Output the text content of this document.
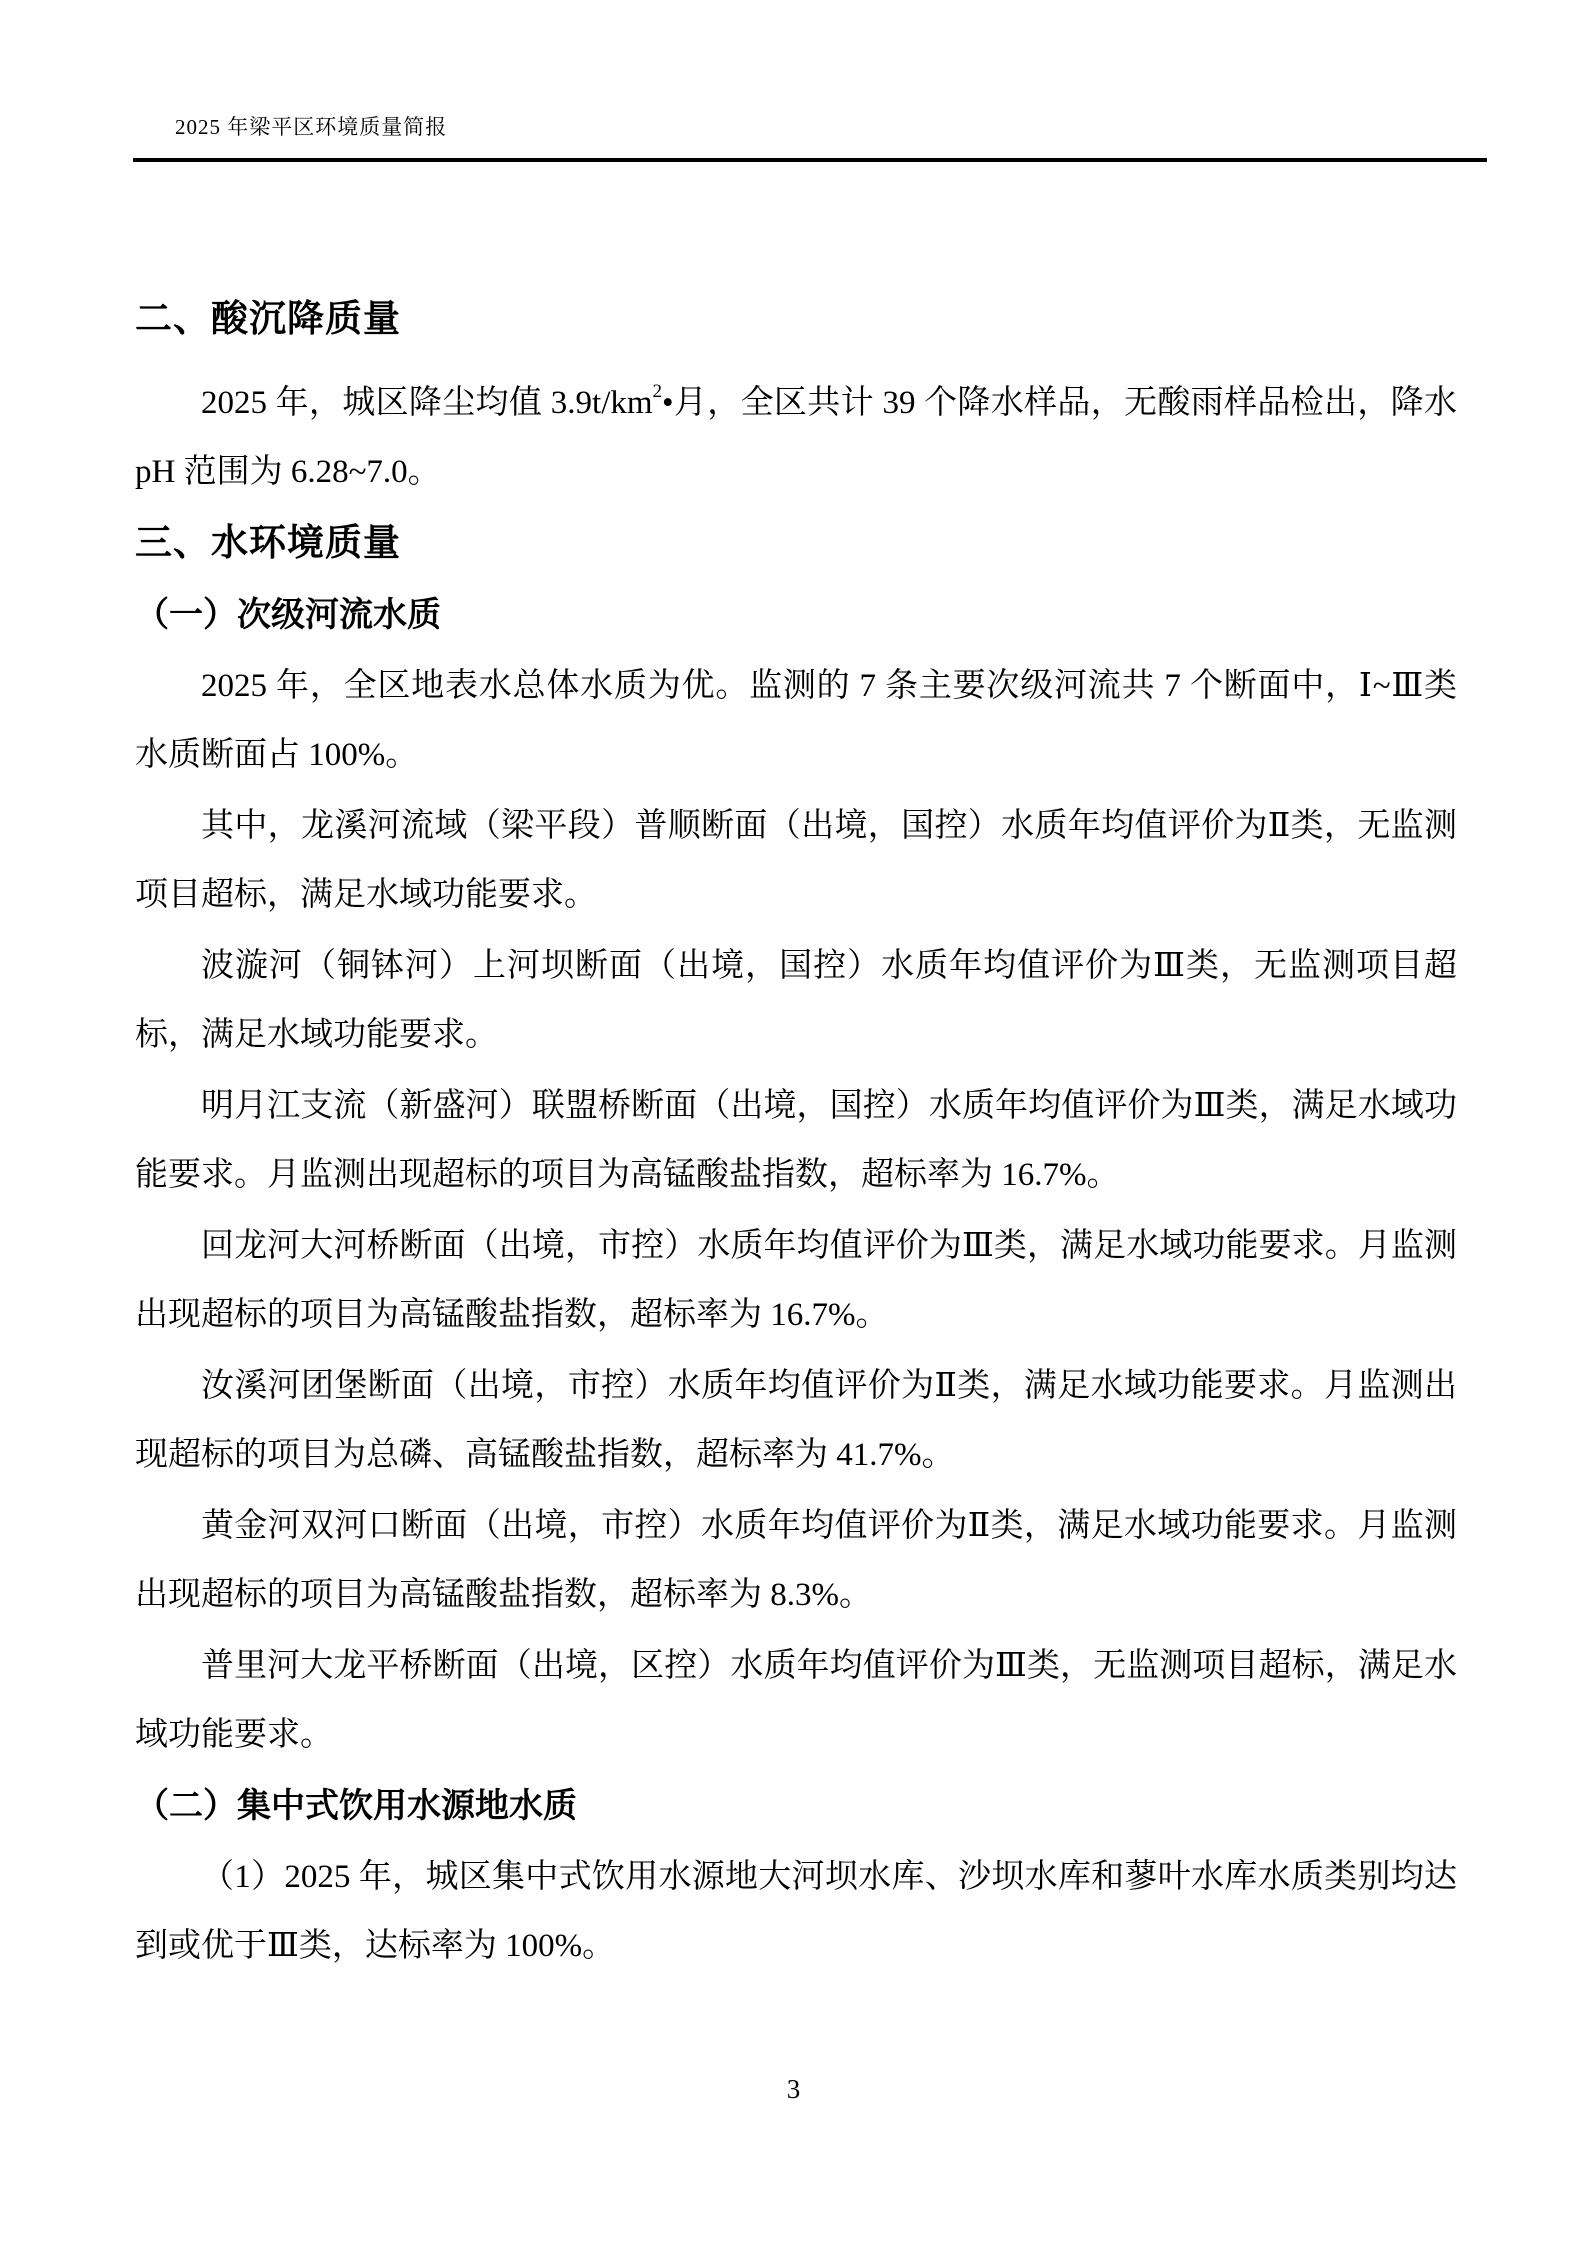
2025 年梁平区环境质量简报
二、酸沉降质量

2025 年，城区降尘均值 $3.9t/km^2•$月，全区共计 39 个降水样品，无酸雨样品检出，降水 pH 范围为 6.28~7.0。

三、水环境质量
（一）次级河流水质

2025 年，全区地表水总体水质为优。监测的 7 条主要次级河流共 7 个断面中，Ⅰ~Ⅲ类水质断面占 100%。

其中，龙溪河流域（梁平段）普顺断面（出境，国控）水质年均值评价为Ⅱ类，无监测项目超标，满足水域功能要求。

波漩河（铜钵河）上河坝断面（出境，国控）水质年均值评价为Ⅲ类，无监测项目超标，满足水域功能要求。

明月江支流（新盛河）联盟桥断面（出境，国控）水质年均值评价为Ⅲ类，满足水域功能要求。月监测出现超标的项目为高锰酸盐指数，超标率为 16.7%。

回龙河大河桥断面（出境，市控）水质年均值评价为Ⅲ类，满足水域功能要求。月监测出现超标的项目为高锰酸盐指数，超标率为 16.7%。

汝溪河团堡断面（出境，市控）水质年均值评价为Ⅱ类，满足水域功能要求。月监测出现超标的项目为总磷、高锰酸盐指数，超标率为 41.7%。

黄金河双河口断面（出境，市控）水质年均值评价为Ⅱ类，满足水域功能要求。月监测出现超标的项目为高锰酸盐指数，超标率为 8.3%。

普里河大龙平桥断面（出境，区控）水质年均值评价为Ⅲ类，无监测项目超标，满足水域功能要求。

（二）集中式饮用水源地水质

（1）2025 年，城区集中式饮用水源地大河坝水库、沙坝水库和蓼叶水库水质类别均达到或优于Ⅲ类，达标率为 100%。

3
